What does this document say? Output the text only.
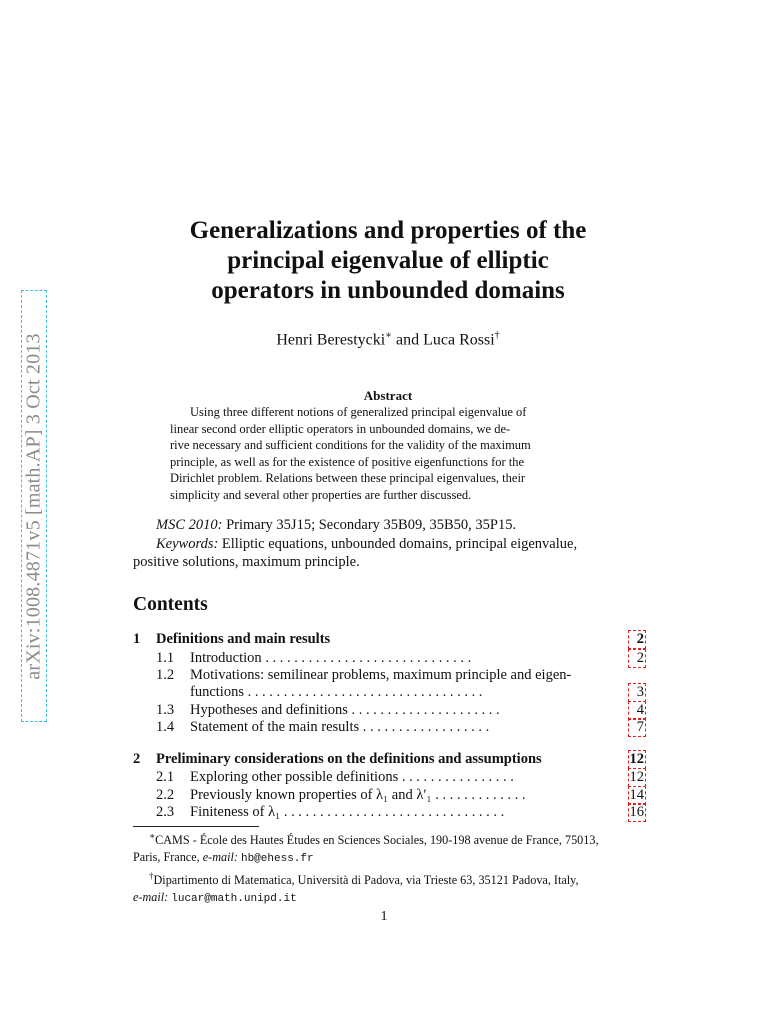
arXiv:1008.4871v5 [math.AP] 3 Oct 2013
Generalizations and properties of the
principal eigenvalue of elliptic
operators in unbounded domains
Henri Berestycki∗ and Luca Rossi†
Abstract
Using three different notions of generalized principal eigenvalue of
linear second order elliptic operators in unbounded domains, we de-
rive necessary and sufficient conditions for the validity of the maximum
principle, as well as for the existence of positive eigenfunctions for the
Dirichlet problem. Relations between these principal eigenvalues, their
simplicity and several other properties are further discussed.
MSC 2010: Primary 35J15; Secondary 35B09, 35B50, 35P15.
Keywords: Elliptic equations, unbounded domains, principal eigenvalue,
positive solutions, maximum principle.
Contents
1 Definitions and main results	2
1.1 Introduction .............................	2
1.2 Motivations: semilinear problems, maximum principle and eigen-
functions .................................	3
1.3 Hypotheses and definitions .....................	4
1.4 Statement of the main results ..................	7
2 Preliminary considerations on the definitions and assumptions	12
2.1 Exploring other possible definitions ................	12
2.2 Previously known properties of λ₁ and λ′₁ .............	14
2.3 Finiteness of λ₁ ...............................	16
∗CAMS - École des Hautes Études en Sciences Sociales, 190-198 avenue de France, 75013,
Paris, France, e-mail: hb@ehess.fr
†Dipartimento di Matematica, Università di Padova, via Trieste 63, 35121 Padova, Italy,
e-mail: lucar@math.unipd.it
1
